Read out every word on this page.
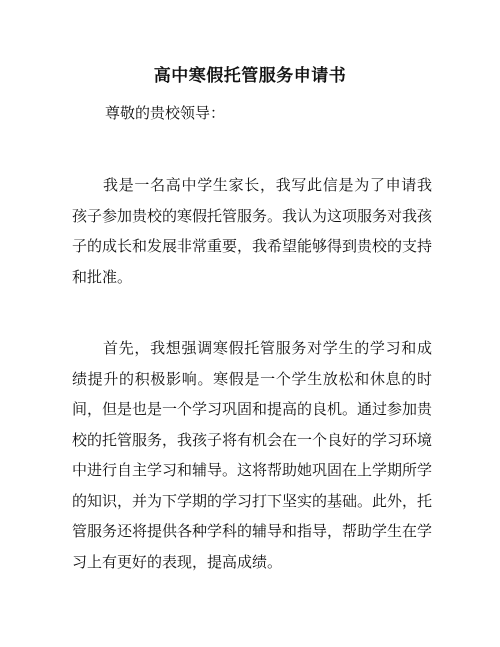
高中寒假托管服务申请书
尊敬的贵校领导：

我是一名高中学生家长，我写此信是为了申请我孩子参加贵校的寒假托管服务。我认为这项服务对我孩子的成长和发展非常重要，我希望能够得到贵校的支持和批准。

首先，我想强调寒假托管服务对学生的学习和成绩提升的积极影响。寒假是一个学生放松和休息的时间，但是也是一个学习巩固和提高的良机。通过参加贵校的托管服务，我孩子将有机会在一个良好的学习环境中进行自主学习和辅导。这将帮助她巩固在上学期所学的知识，并为下学期的学习打下坚实的基础。此外，托管服务还将提供各种学科的辅导和指导，帮助学生在学习上有更好的表现，提高成绩。
